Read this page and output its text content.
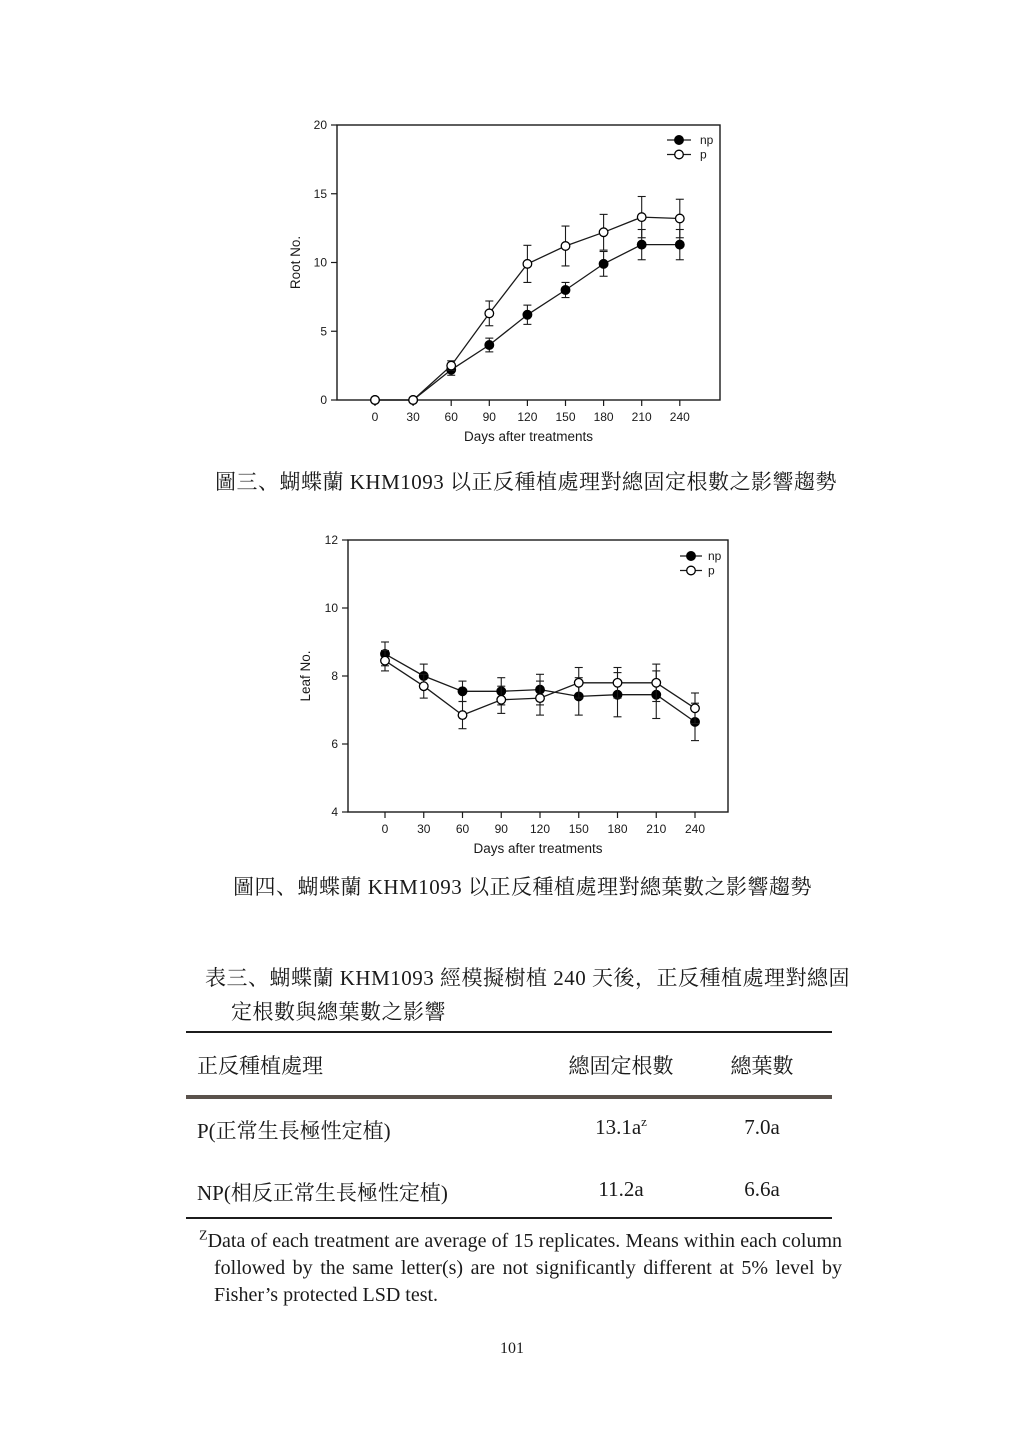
0
5
10
15
20
0 30 60 90 120 150 180 210 240
Days after treatments
Root No.
np
p
圖三、蝴蝶蘭 KHM1093 以正反種植處理對總固定根數之影響趨勢
4
6
8
10
12
0 30 60 90 120 150 180 210 240
Days after treatments
Leaf No.
np
p
圖四、蝴蝶蘭 KHM1093 以正反種植處理對總葉數之影響趨勢
表三、蝴蝶蘭 KHM1093 經模擬樹植 240 天後，正反種植處理對總固
定根數與總葉數之影響
正反種植處理	總固定根數	總葉數
P(正常生長極性定植)	$13.1a^z$	7.0a
NP(相反正常生長極性定植)	11.2a	6.6a
$^Z$Data of each treatment are average of 15 replicates. Means within each column followed by the same letter(s) are not significantly different at 5% level by Fisher’s protected LSD test.
101
